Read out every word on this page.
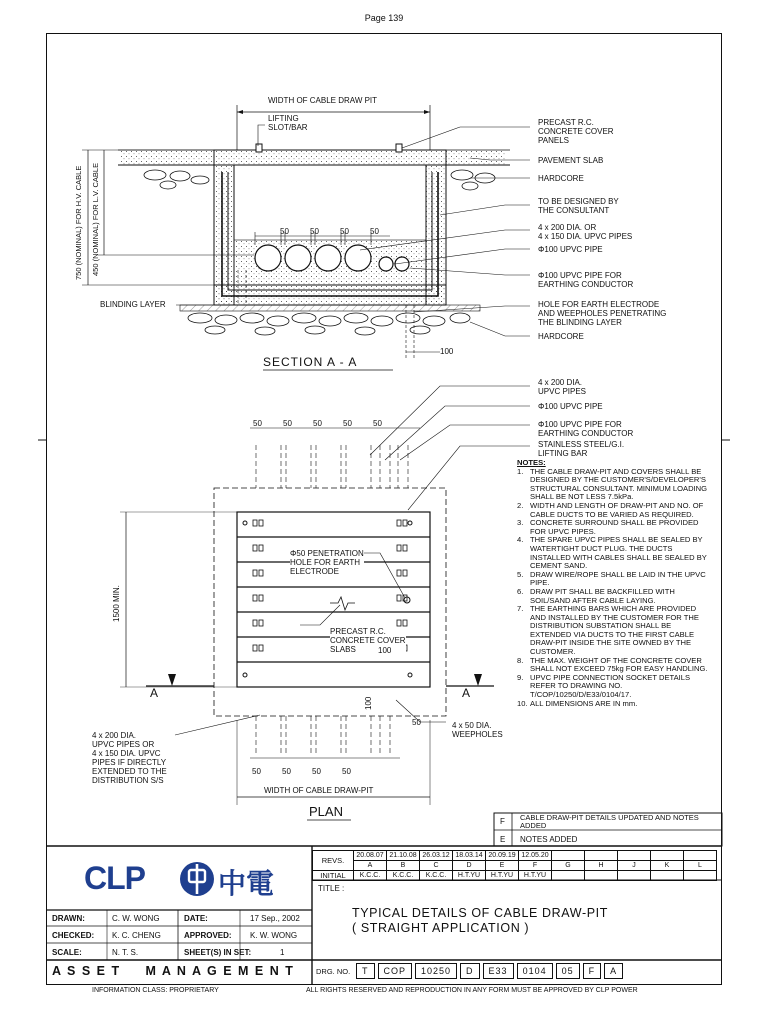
Page 139
WIDTH OF CABLE DRAW PIT
LIFTING
SLOT/BAR
750 (NOMINAL) FOR H.V. CABLE 450 (NOMINAL) FOR L.V. CABLE
BLINDING LAYER
50	50	50	50
100
SECTION A - A
PRECAST R.C.
CONCRETE COVER
PANELS
PAVEMENT SLAB
HARDCORE
TO BE DESIGNED BY
THE CONSULTANT
4 x 200 DIA. OR
4 x 150 DIA. UPVC PIPES
Φ100 UPVC PIPE
Φ100 UPVC PIPE FOR
EARTHING CONDUCTOR
HOLE FOR EARTH ELECTRODE
AND WEEPHOLES PENETRATING
THE BLINDING LAYER
HARDCORE
4 x 200 DIA.
UPVC PIPES
Φ100 UPVC PIPE
Φ100 UPVC PIPE FOR
EARTHING CONDUCTOR
STAINLESS STEEL/G.I.
LIFTING BAR
50	50	50	50	50
1500 MIN.
Φ50 PENETRATION
HOLE FOR EARTH
ELECTRODE
PRECAST R.C.
CONCRETE COVER
SLABS	100
50
100
4 x 50 DIA.
WEEPHOLES
4 x 200 DIA.
UPVC PIPES OR
4 x 150 DIA. UPVC
PIPES IF DIRECTLY
EXTENDED TO THE
DISTRIBUTION S/S
A	A
50	50	50	50
WIDTH OF CABLE DRAW-PIT
PLAN
NOTES:
1. THE CABLE DRAW-PIT AND COVERS SHALL BE DESIGNED BY THE CUSTOMER'S/DEVELOPER'S STRUCTURAL CONSULTANT. MINIMUM LOADING SHALL BE NOT LESS 7.5kPa.
2. WIDTH AND LENGTH OF DRAW-PIT AND NO. OF CABLE DUCTS TO BE VARIED AS REQUIRED.
3. CONCRETE SURROUND SHALL BE PROVIDED FOR UPVC PIPES.
4. THE SPARE UPVC PIPES SHALL BE SEALED BY WATERTIGHT DUCT PLUG. THE DUCTS INSTALLED WITH CABLES SHALL BE SEALED BY CEMENT SAND.
5. DRAW WIRE/ROPE SHALL BE LAID IN THE UPVC PIPE.
6. DRAW PIT SHALL BE BACKFILLED WITH SOIL/SAND AFTER CABLE LAYING.
7. THE EARTHING BARS WHICH ARE PROVIDED AND INSTALLED BY THE CUSTOMER FOR THE DISTRIBUTION SUBSTATION SHALL BE EXTENDED VIA DUCTS TO THE FIRST CABLE DRAW-PIT INSIDE THE SITE OWNED BY THE CUSTOMER.
8. THE MAX. WEIGHT OF THE CONCRETE COVER SHALL NOT EXCEED 75kg FOR EASY HANDLING.
9. UPVC PIPE CONNECTION SOCKET DETAILS REFER TO DRAWING NO. T/COP/10250/D/E33/0104/17.
10. ALL DIMENSIONS ARE IN mm.
F CABLE DRAW-PIT DETAILS UPDATED AND NOTES ADDED
E NOTES ADDED
CLP	中電
REVS.	20.08.07	21.10.08	26.03.12	18.03.14	20.09.19	12.05.20					
	A	B	C	D	E	F	G	H	J	K	L
INITIAL	K.C.C.	K.C.C.	K.C.C.	H.T.YU	H.T.YU	H.T.YU					
TITLE :
TYPICAL DETAILS OF CABLE DRAW-PIT
( STRAIGHT APPLICATION )
DRAWN:	C. W. WONG	DATE:	17 Sep., 2002
CHECKED: K. C. CHENG	APPROVED: K. W. WONG
SCALE:	N. T. S.	SHEET(S) IN SET:	1
A S S E T     M A N A G E M E N T	DRG. NO.	T	COP	10250	D	E33	0104	05	F	A
INFORMATION CLASS: PROPRIETARY	ALL RIGHTS RESERVED AND REPRODUCTION IN ANY FORM MUST BE APPROVED BY CLP POWER
